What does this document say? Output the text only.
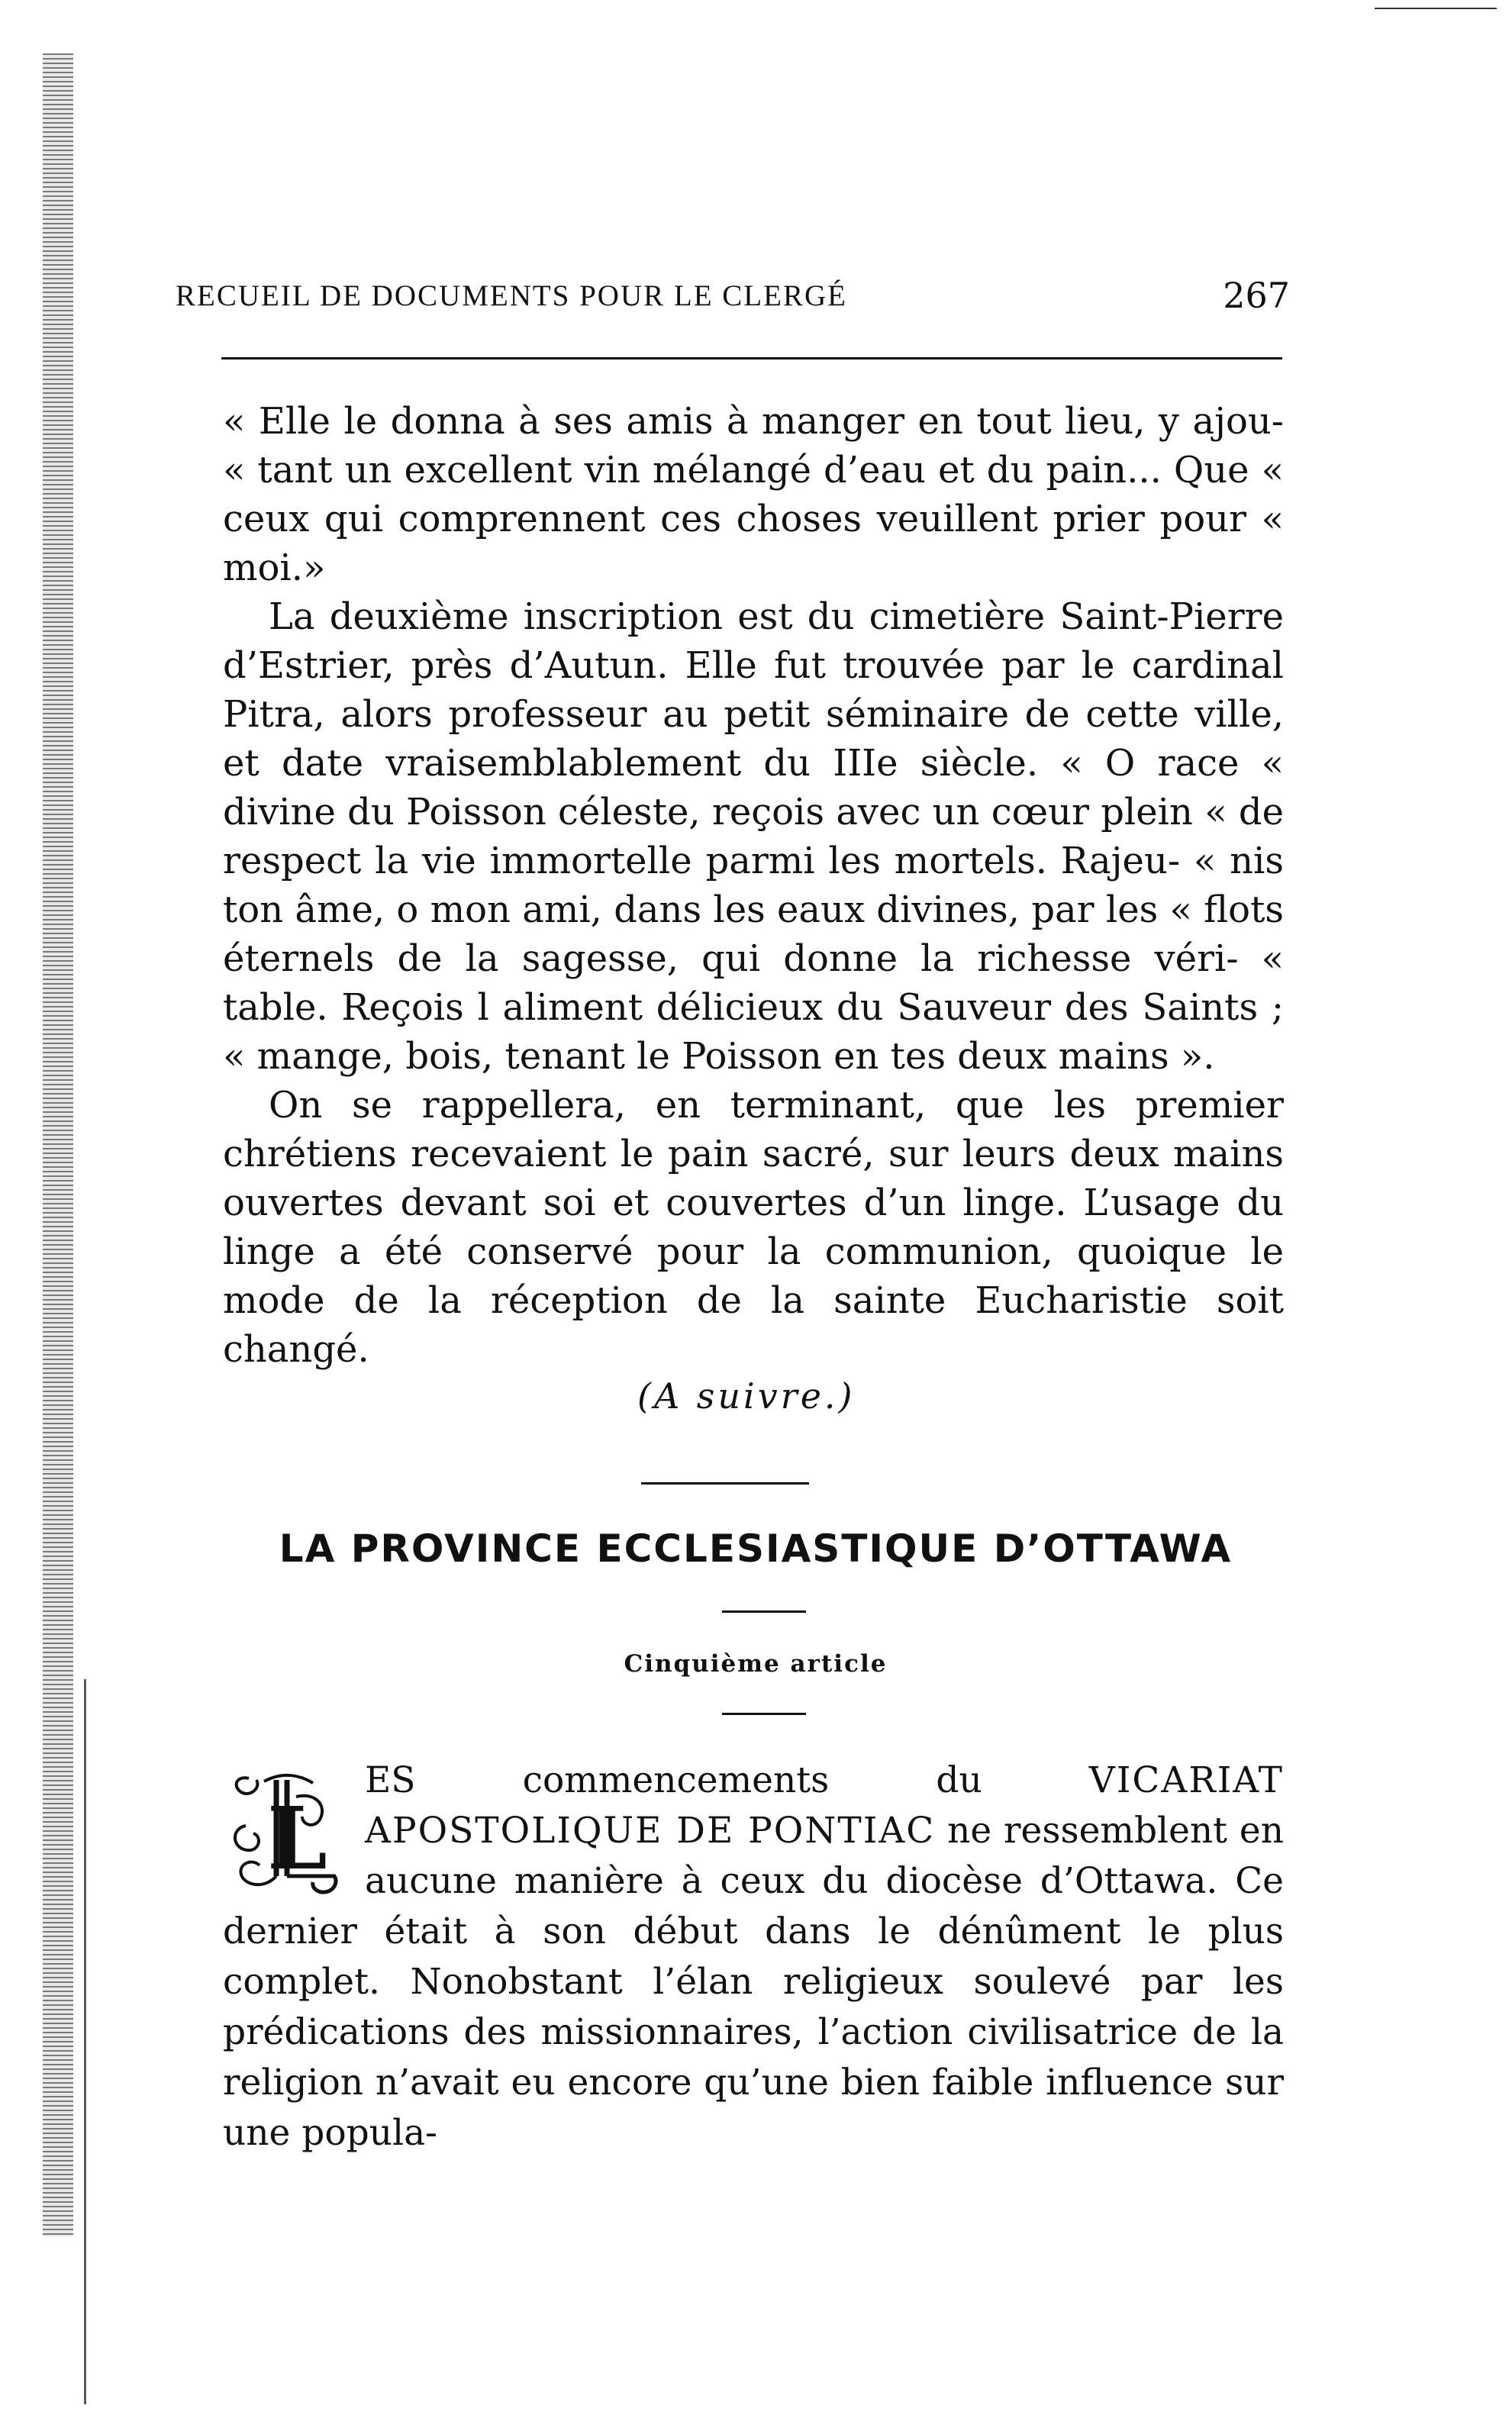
RECUEIL DE DOCUMENTS POUR LE CLERGÉ	267

« Elle le donna à ses amis à manger en tout lieu, y ajou- « tant un excellent vin mélangé d’eau et du pain... Que « ceux qui comprennent ces choses veuillent prier pour « moi.»

La deuxième inscription est du cimetière Saint-Pierre d’Estrier, près d’Autun. Elle fut trouvée par le cardinal Pitra, alors professeur au petit séminaire de cette ville, et date vraisemblablement du IIIe siècle. « O race « divine du Poisson céleste, reçois avec un cœur plein « de respect la vie immortelle parmi les mortels. Rajeu- « nis ton âme, o mon ami, dans les eaux divines, par les « flots éternels de la sagesse, qui donne la richesse véri- « table. Reçois l aliment délicieux du Sauveur des Saints ; « mange, bois, tenant le Poisson en tes deux mains ».

On se rappellera, en terminant, que les premier chrétiens recevaient le pain sacré, sur leurs deux mains ouvertes devant soi et couvertes d’un linge. L’usage du linge a été conservé pour la communion, quoique le mode de la réception de la sainte Eucharistie soit changé.

(A suivre.)
LA PROVINCE ECCLESIASTIQUE D’OTTAWA
Cinquième article
L

ES commencements du	VICARIAT APOSTOLIQUE DE PONTIAC ne ressemblent en aucune manière à ceux du diocèse d’Ottawa. Ce dernier était à son début dans le dénûment le plus complet. Nonobstant l’élan religieux soulevé par les prédications des missionnaires, l’action civilisatrice de la religion n’avait eu encore qu’une bien faible influence sur une popula-
